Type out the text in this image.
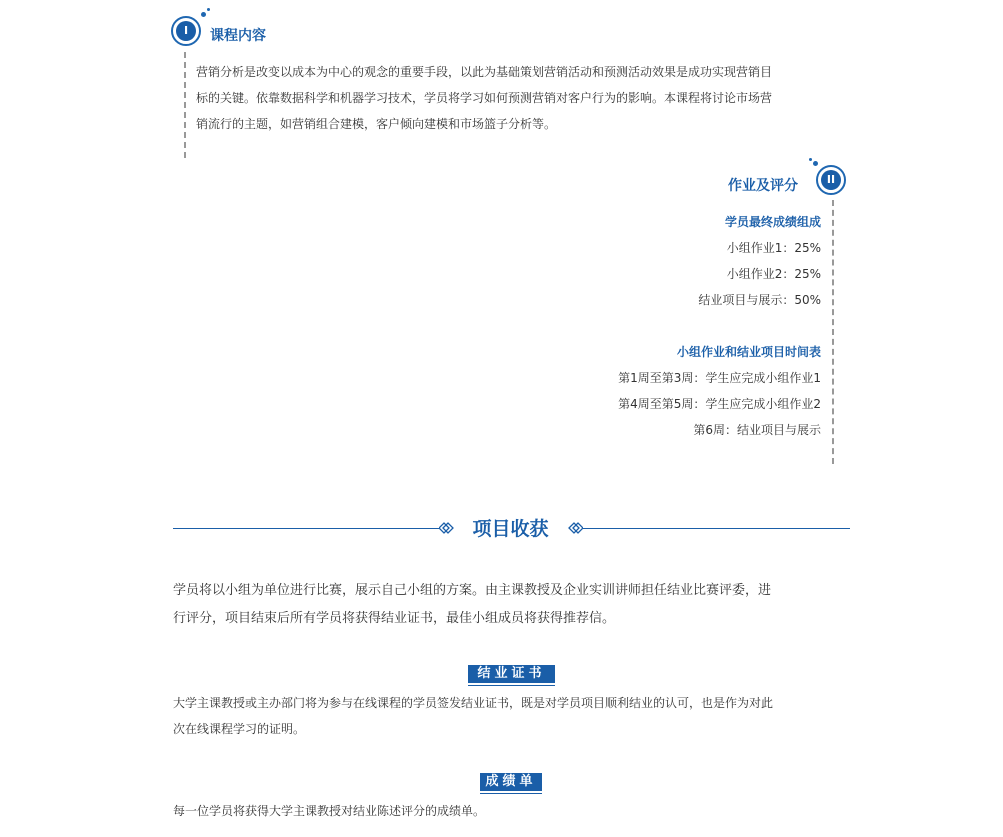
I	课程内容
营销分析是改变以成本为中心的观念的重要手段，以此为基础策划营销活动和预测活动效果是成功实现营销目
标的关键。依靠数据科学和机器学习技术，学员将学习如何预测营销对客户行为的影响。本课程将讨论市场营
销流行的主题，如营销组合建模，客户倾向建模和市场篮子分析等。
作业及评分	II
学员最终成绩组成
小组作业1：25%
小组作业2：25%
结业项目与展示：50%
小组作业和结业项目时间表
第1周至第3周：学生应完成小组作业1
第4周至第5周：学生应完成小组作业2
第6周：结业项目与展示
项目收获
学员将以小组为单位进行比赛，展示自己小组的方案。由主课教授及企业实训讲师担任结业比赛评委，进
行评分，项目结束后所有学员将获得结业证书，最佳小组成员将获得推荐信。
结业证书
大学主课教授或主办部门将为参与在线课程的学员签发结业证书，既是对学员项目顺利结业的认可，也是作为对此
次在线课程学习的证明。
成绩单
每一位学员将获得大学主课教授对结业陈述评分的成绩单。
